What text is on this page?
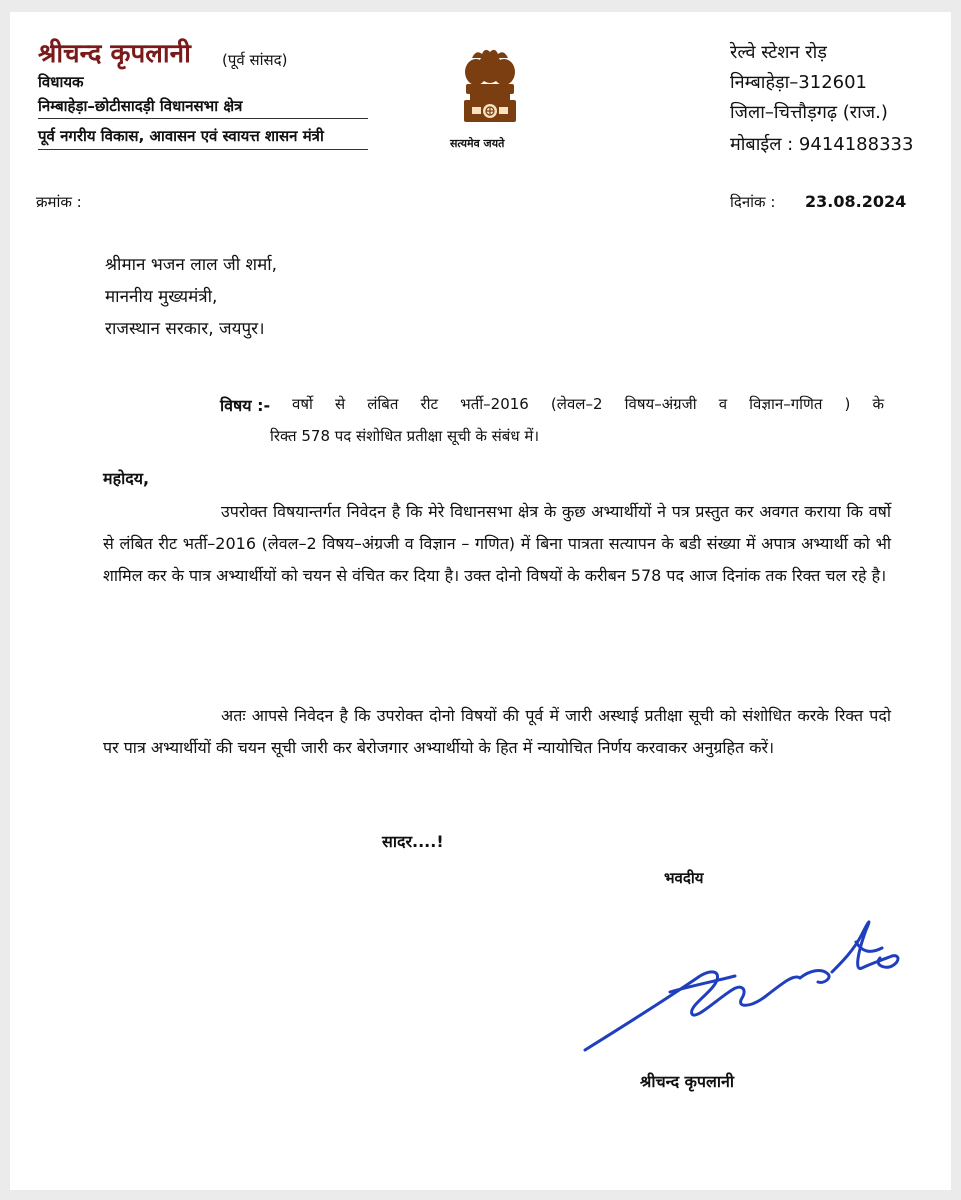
श्रीचन्द कृपलानी (पूर्व सांसद)
विधायक
निम्बाहेड़ा–छोटीसादड़ी विधानसभा क्षेत्र
पूर्व नगरीय विकास, आवासन एवं स्वायत्त शासन मंत्री	सत्यमेव जयते
रेल्वे स्टेशन रोड़
निम्बाहेड़ा–312601
जिला–चित्तौड़गढ़ (राज.)
मोबाईल : 9414188333
क्रमांक :	दिनांक : 23.08.2024
श्रीमान भजन लाल जी शर्मा,
माननीय मुख्यमंत्री,
राजस्थान सरकार, जयपुर।
विषय :- वर्षो से लंबित रीट भर्ती–2016 (लेवल–2 विषय–अंग्रजी व विज्ञान–गणित ) के
रिक्त 578 पद संशोधित प्रतीक्षा सूची के संबंध में।
महोदय,
उपरोक्त विषयान्तर्गत निवेदन है कि मेरे विधानसभा क्षेत्र के कुछ अभ्यार्थीयों ने पत्र प्रस्तुत कर अवगत कराया कि वर्षो से लंबित रीट भर्ती–2016 (लेवल–2 विषय–अंग्रजी व विज्ञान – गणित) में बिना पात्रता सत्यापन के बडी संख्या में अपात्र अभ्यार्थी को भी शामिल कर के पात्र अभ्यार्थीयों को चयन से वंचित कर दिया है। उक्त दोनो विषयों के करीबन 578 पद आज दिनांक तक रिक्त चल रहे है।
अतः आपसे निवेदन है कि उपरोक्त दोनो विषयों की पूर्व में जारी अस्थाई प्रतीक्षा सूची को संशोधित करके रिक्त पदो पर पात्र अभ्यार्थीयों की चयन सूची जारी कर बेरोजगार अभ्यार्थीयो के हित में न्यायोचित निर्णय करवाकर अनुग्रहित करें।
सादर....!
भवदीय
श्रीचन्द कृपलानी
